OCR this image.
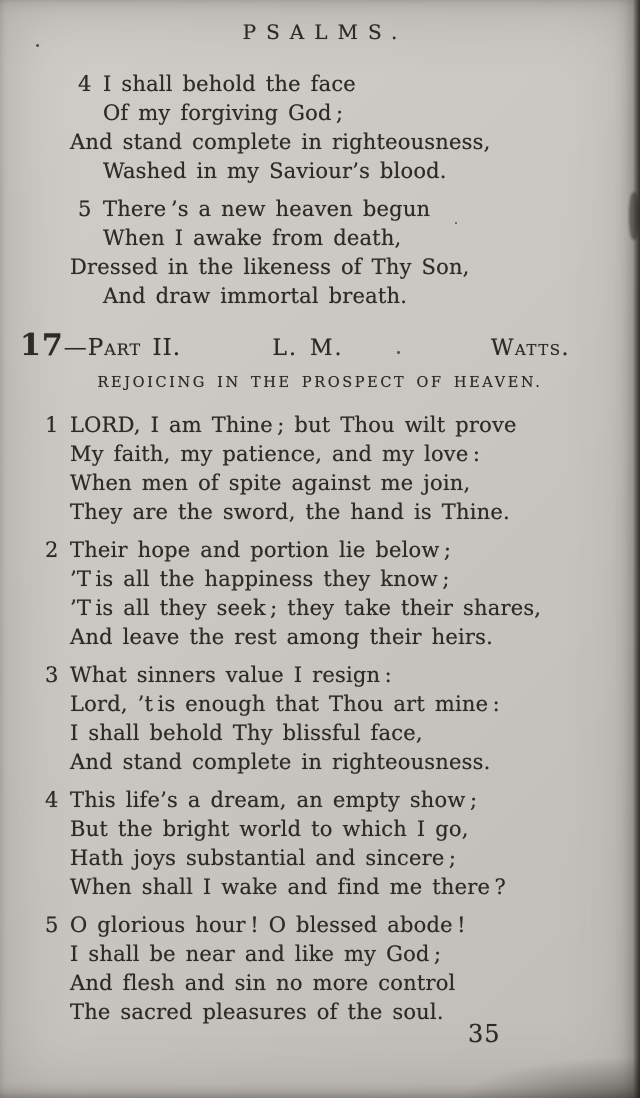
PSALMS.
4 I shall behold the face
Of my forgiving God ;
And stand complete in righteousness,
Washed in my Saviour’s blood.
5 There ’s a new heaven begun
When I awake from death,
Dressed in the likeness of Thy Son,
And draw immortal breath.
17—Part II.	L. M.	Watts.
REJOICING IN THE PROSPECT OF HEAVEN.
1 LORD, I am Thine ; but Thou wilt prove
My faith, my patience, and my love :
When men of spite against me join,
They are the sword, the hand is Thine.
2 Their hope and portion lie below ;
’T is all the happiness they know ;
’T is all they seek ; they take their shares,
And leave the rest among their heirs.
3 What sinners value I resign :
Lord, ’t is enough that Thou art mine :
I shall behold Thy blissful face,
And stand complete in righteousness.
4 This life’s a dream, an empty show ;
But the bright world to which I go,
Hath joys substantial and sincere ;
When shall I wake and find me there ?
5 O glorious hour ! O blessed abode !
I shall be near and like my God ;
And flesh and sin no more control
The sacred pleasures of the soul.
35
